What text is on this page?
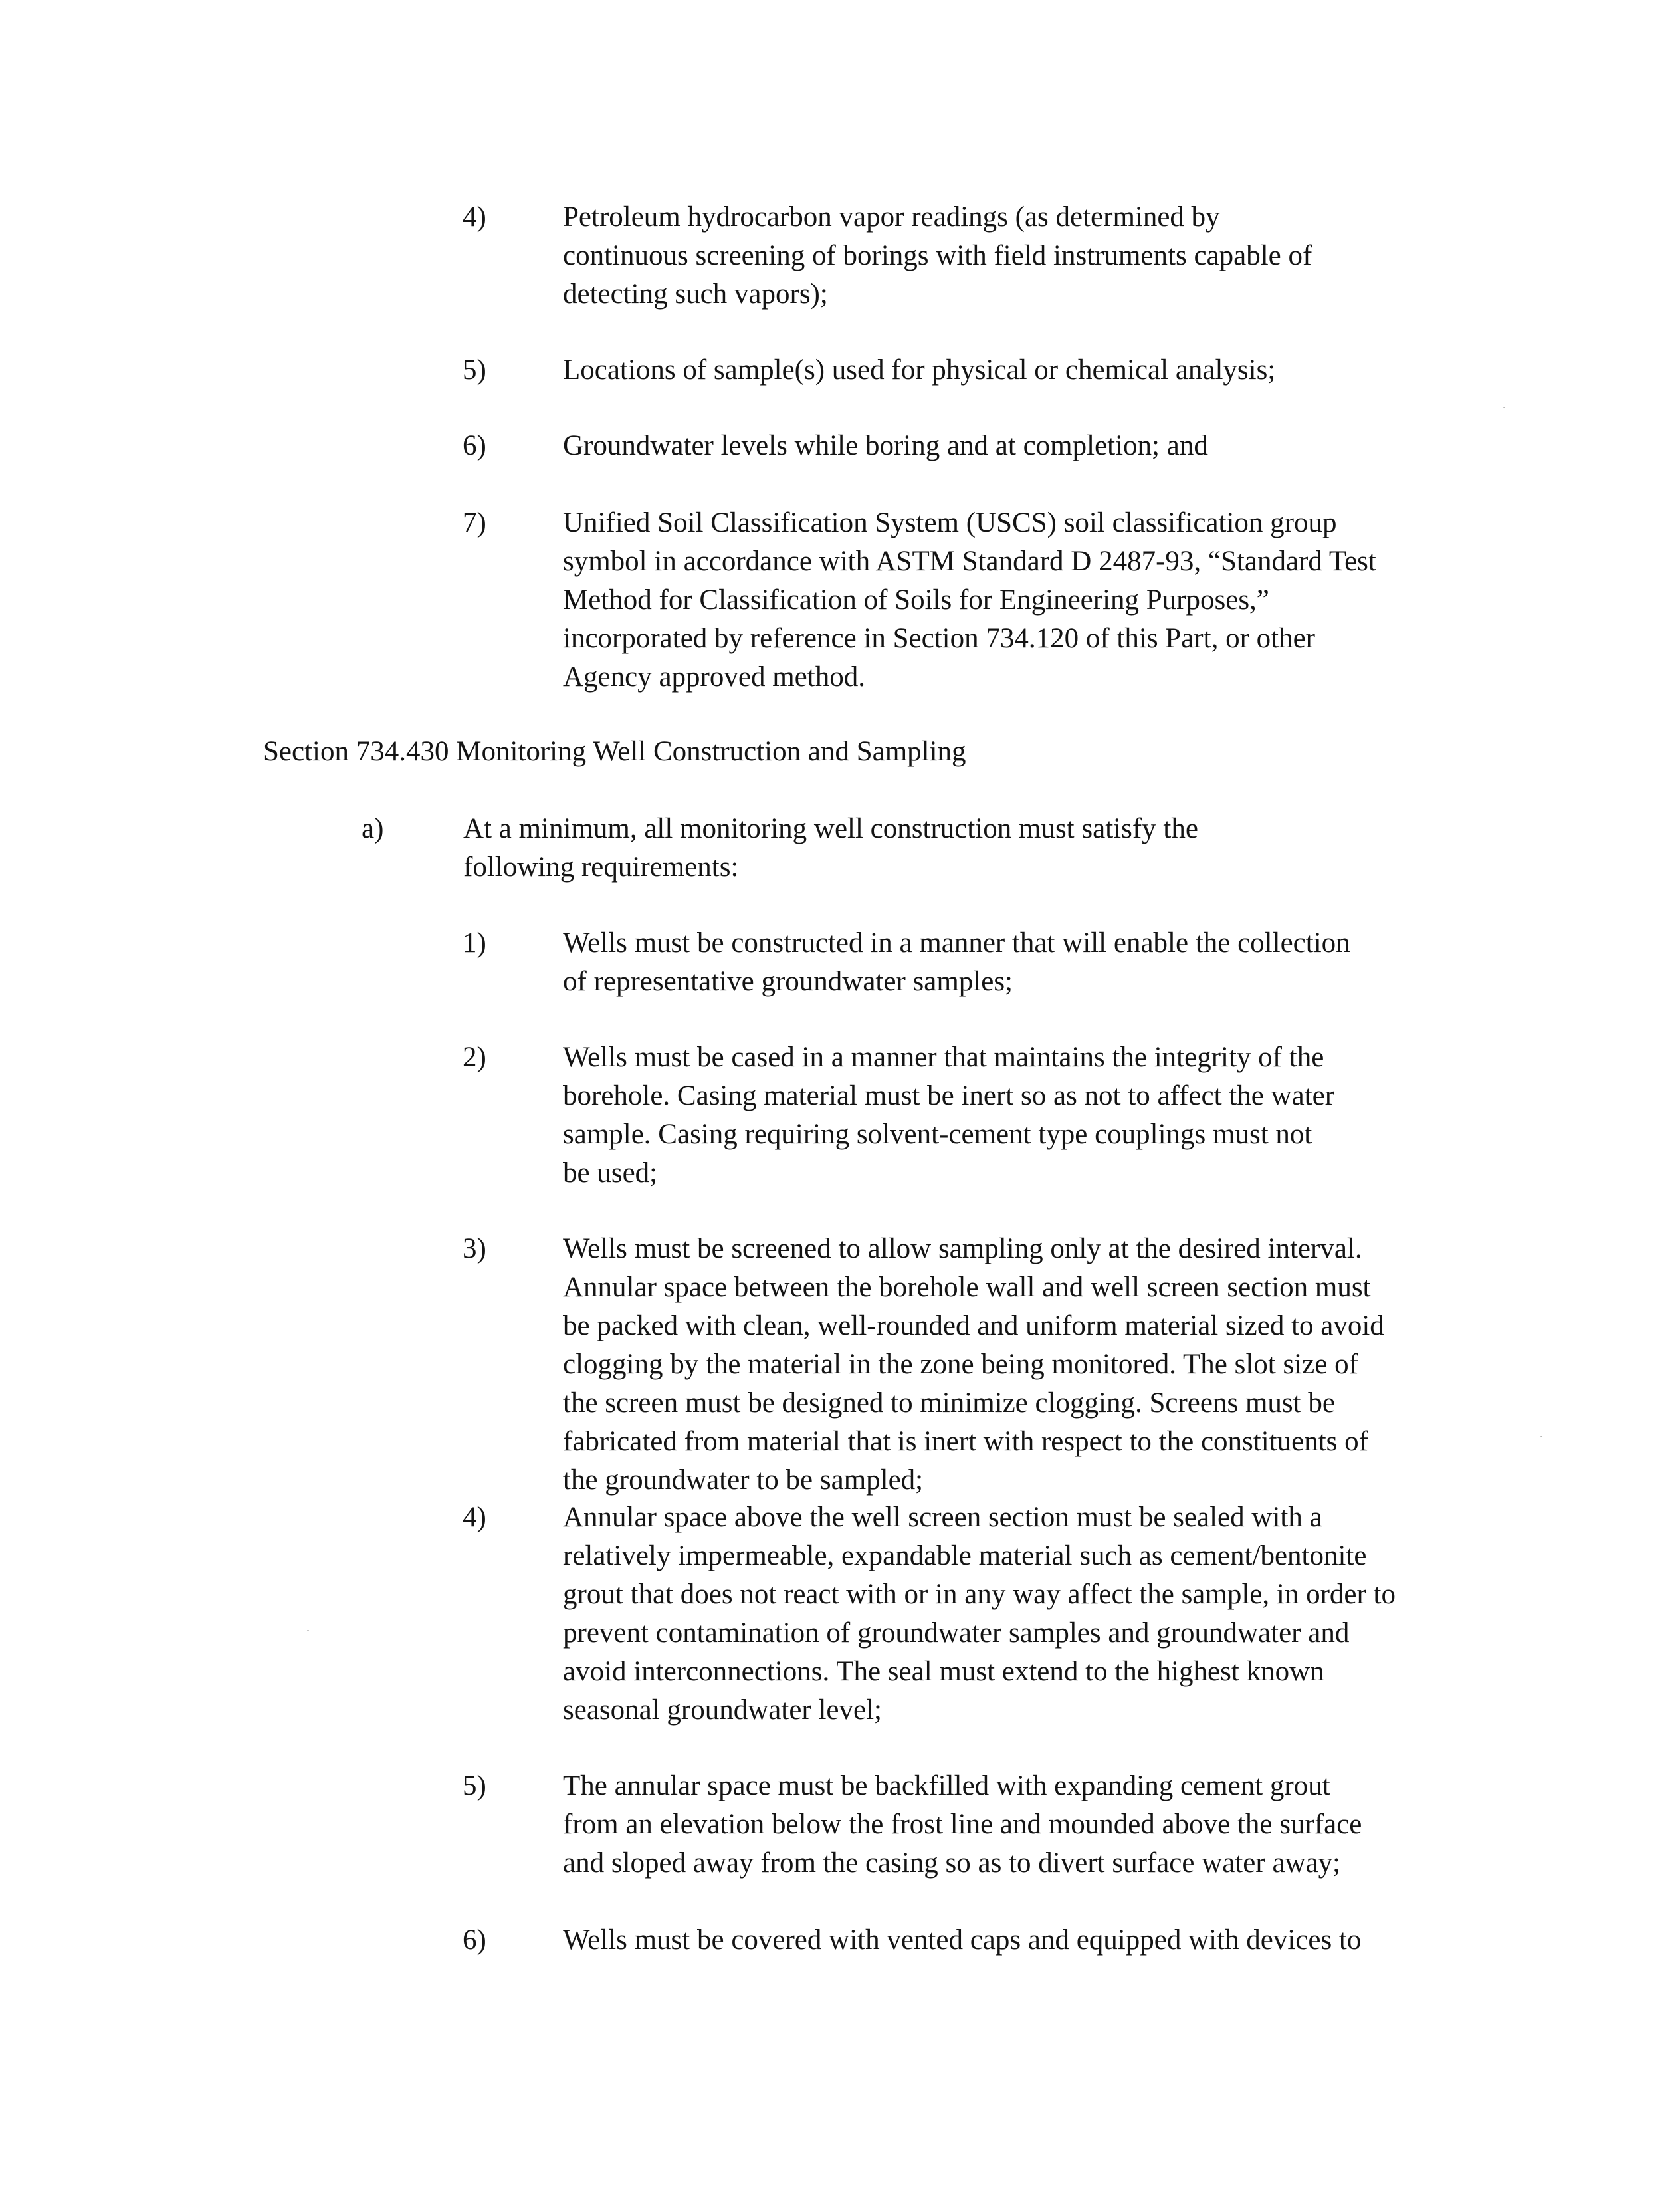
4)	Petroleum hydrocarbon vapor readings (as determined by
continuous screening of borings with field instruments capable of
detecting such vapors);
5)	Locations of sample(s) used for physical or chemical analysis;
6)	Groundwater levels while boring and at completion; and
7)	Unified Soil Classification System (USCS) soil classification group
symbol in accordance with ASTM Standard D 2487-93, “Standard Test
Method for Classification of Soils for Engineering Purposes,”
incorporated by reference in Section 734.120 of this Part, or other
Agency approved method.
Section 734.430 Monitoring Well Construction and Sampling
a)	At a minimum, all monitoring well construction must satisfy the
following requirements:
1)	Wells must be constructed in a manner that will enable the collection
of representative groundwater samples;
2)	Wells must be cased in a manner that maintains the integrity of the
borehole. Casing material must be inert so as not to affect the water
sample. Casing requiring solvent-cement type couplings must not
be used;
3)	Wells must be screened to allow sampling only at the desired interval.
Annular space between the borehole wall and well screen section must
be packed with clean, well-rounded and uniform material sized to avoid
clogging by the material in the zone being monitored. The slot size of
the screen must be designed to minimize clogging. Screens must be
fabricated from material that is inert with respect to the constituents of
the groundwater to be sampled;
4)	Annular space above the well screen section must be sealed with a
relatively impermeable, expandable material such as cement/bentonite
grout that does not react with or in any way affect the sample, in order to
prevent contamination of groundwater samples and groundwater and
avoid interconnections. The seal must extend to the highest known
seasonal groundwater level;
5)	The annular space must be backfilled with expanding cement grout
from an elevation below the frost line and mounded above the surface
and sloped away from the casing so as to divert surface water away;
6)	Wells must be covered with vented caps and equipped with devices to
